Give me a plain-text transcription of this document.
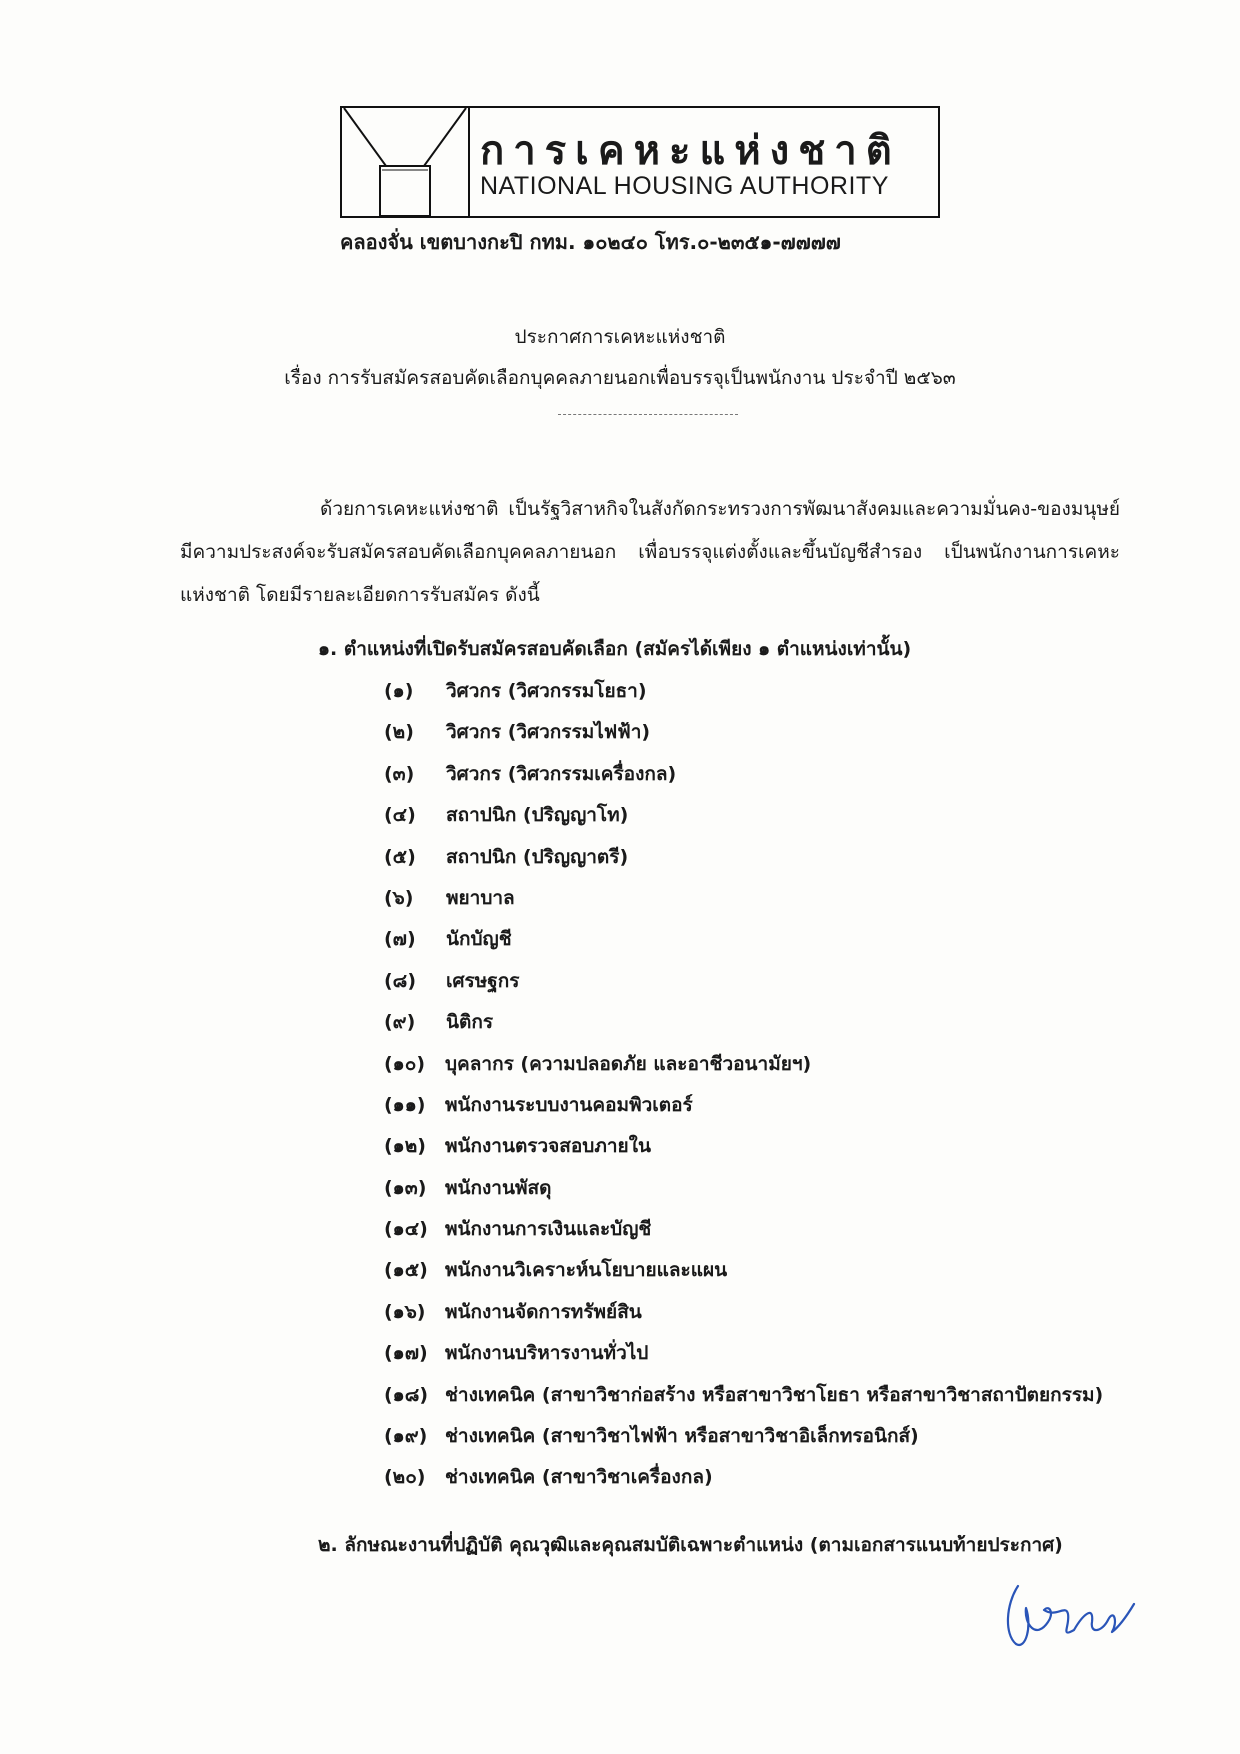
การเคหะแห่งชาติ
NATIONAL HOUSING AUTHORITY
คลองจั่น เขตบางกะปิ กทม. ๑๐๒๔๐ โทร.๐-๒๓๕๑-๗๗๗๗
ประกาศการเคหะแห่งชาติ
เรื่อง การรับสมัครสอบคัดเลือกบุคคลภายนอกเพื่อบรรจุเป็นพนักงาน ประจำปี ๒๕๖๓
ด้วยการเคหะแห่งชาติ เป็นรัฐวิสาหกิจในสังกัดกระทรวงการพัฒนาสังคมและความมั่นคง-ของมนุษย์ มีความประสงค์จะรับสมัครสอบคัดเลือกบุคคลภายนอก เพื่อบรรจุแต่งตั้งและขึ้นบัญชีสำรอง เป็นพนักงานการเคหะแห่งชาติ โดยมีรายละเอียดการรับสมัคร ดังนี้
๑. ตำแหน่งที่เปิดรับสมัครสอบคัดเลือก (สมัครได้เพียง ๑ ตำแหน่งเท่านั้น)
(๑)	วิศวกร (วิศวกรรมโยธา)
(๒)	วิศวกร (วิศวกรรมไฟฟ้า)
(๓)	วิศวกร (วิศวกรรมเครื่องกล)
(๔)	สถาปนิก (ปริญญาโท)
(๕)	สถาปนิก (ปริญญาตรี)
(๖)	พยาบาล
(๗)	นักบัญชี
(๘)	เศรษฐกร
(๙)	นิติกร
(๑๐)	บุคลากร (ความปลอดภัย และอาชีวอนามัยฯ)
(๑๑)	พนักงานระบบงานคอมพิวเตอร์
(๑๒)	พนักงานตรวจสอบภายใน
(๑๓) พนักงานพัสดุ
(๑๔) พนักงานการเงินและบัญชี
(๑๕) พนักงานวิเคราะห์นโยบายและแผน
(๑๖)	พนักงานจัดการทรัพย์สิน
(๑๗) พนักงานบริหารงานทั่วไป
(๑๘) ช่างเทคนิค (สาขาวิชาก่อสร้าง หรือสาขาวิชาโยธา หรือสาขาวิชาสถาปัตยกรรม)
(๑๙) ช่างเทคนิค (สาขาวิชาไฟฟ้า หรือสาขาวิชาอิเล็กทรอนิกส์)
(๒๐)	ช่างเทคนิค (สาขาวิชาเครื่องกล)
๒. ลักษณะงานที่ปฏิบัติ คุณวุฒิและคุณสมบัติเฉพาะตำแหน่ง (ตามเอกสารแนบท้ายประกาศ)
